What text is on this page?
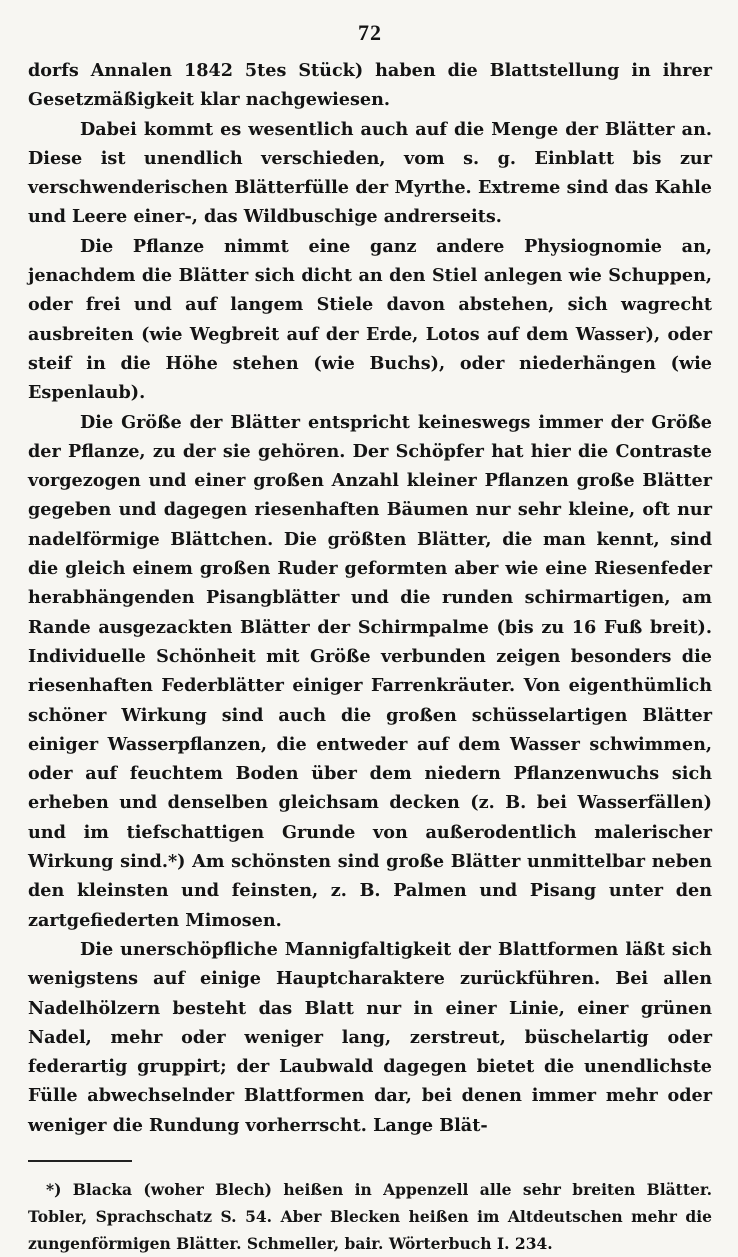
72

dorfs Annalen 1842 5tes Stück) haben die Blattstellung in ihrer Gesetzmäßigkeit klar nachgewiesen.

Dabei kommt es wesentlich auch auf die Menge der Blätter an. Diese ist unendlich verschieden, vom s. g. Einblatt bis zur verschwenderischen Blätterfülle der Myrthe. Extreme sind das Kahle und Leere einer-, das Wildbuschige andrerseits.

Die Pflanze nimmt eine ganz andere Physiognomie an, jenachdem die Blätter sich dicht an den Stiel anlegen wie Schuppen, oder frei und auf langem Stiele davon abstehen, sich wagrecht ausbreiten (wie Wegbreit auf der Erde, Lotos auf dem Wasser), oder steif in die Höhe stehen (wie Buchs), oder niederhängen (wie Espenlaub).

Die Größe der Blätter entspricht keineswegs immer der Größe der Pflanze, zu der sie gehören. Der Schöpfer hat hier die Contraste vorgezogen und einer großen Anzahl kleiner Pflanzen große Blätter gegeben und dagegen riesenhaften Bäumen nur sehr kleine, oft nur nadelförmige Blättchen. Die größten Blätter, die man kennt, sind die gleich einem großen Ruder geformten aber wie eine Riesenfeder herabhängenden Pisangblätter und die runden schirmartigen, am Rande ausgezackten Blätter der Schirmpalme (bis zu 16 Fuß breit). Individuelle Schönheit mit Größe verbunden zeigen besonders die riesenhaften Federblätter einiger Farrenkräuter. Von eigenthümlich schöner Wirkung sind auch die großen schüsselartigen Blätter einiger Wasserpflanzen, die entweder auf dem Wasser schwimmen, oder auf feuchtem Boden über dem niedern Pflanzenwuchs sich erheben und denselben gleichsam decken (z. B. bei Wasserfällen) und im tiefschattigen Grunde von außerodentlich malerischer Wirkung sind.*) Am schönsten sind große Blätter unmittelbar neben den kleinsten und feinsten, z. B. Palmen und Pisang unter den zartgefiederten Mimosen.

Die unerschöpfliche Mannigfaltigkeit der Blattformen läßt sich wenigstens auf einige Hauptcharaktere zurückführen. Bei allen Nadelhölzern besteht das Blatt nur in einer Linie, einer grünen Nadel, mehr oder weniger lang, zerstreut, büschelartig oder federartig gruppirt; der Laubwald dagegen bietet die unendlichste Fülle abwechselnder Blattformen dar, bei denen immer mehr oder weniger die Rundung vorherrscht. Lange Blät-

*) Blacka (woher Blech) heißen in Appenzell alle sehr breiten Blätter. Tobler, Sprachschatz S. 54. Aber Blecken heißen im Altdeutschen mehr die zungenförmigen Blätter. Schmeller, bair. Wörterbuch I. 234.
